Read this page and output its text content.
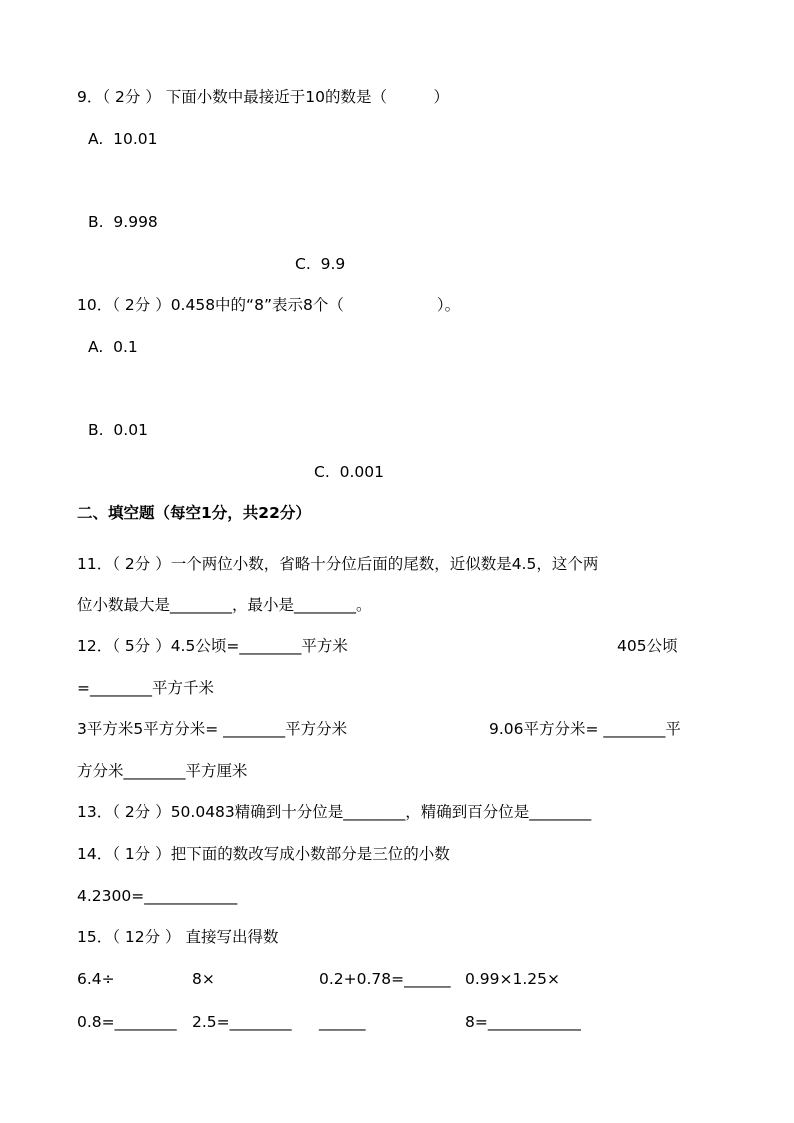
9．（ 2分 ） 下面小数中最接近于10的数是（　　　）
A.  10.01
B.  9.998
C.  9.9
10．（ 2分 ）0.458中的“8”表示8个（　　　　　　）。
A.  0.1
B.  0.01
C.  0.001
二、填空题（每空1分，共22分）
11．（ 2分 ）一个两位小数，省略十分位后面的尾数，近似数是4.5，这个两
位小数最大是________，最小是________。
12．（ 5分 ）4.5公顷=________平方米	405公顷
=________平方千米
3平方米5平方分米= ________平方分米	9.06平方分米= ________平
方分米________平方厘米
13．（ 2分 ）50.0483精确到十分位是________，精确到百分位是________
14．（ 1分 ）把下面的数改写成小数部分是三位的小数
4.2300=____________
15．（ 12分 ） 直接写出得数
6.4÷	8×	0.2+0.78=______ 0.99×1.25×
0.8=________ 2.5=________ ______	8=____________
